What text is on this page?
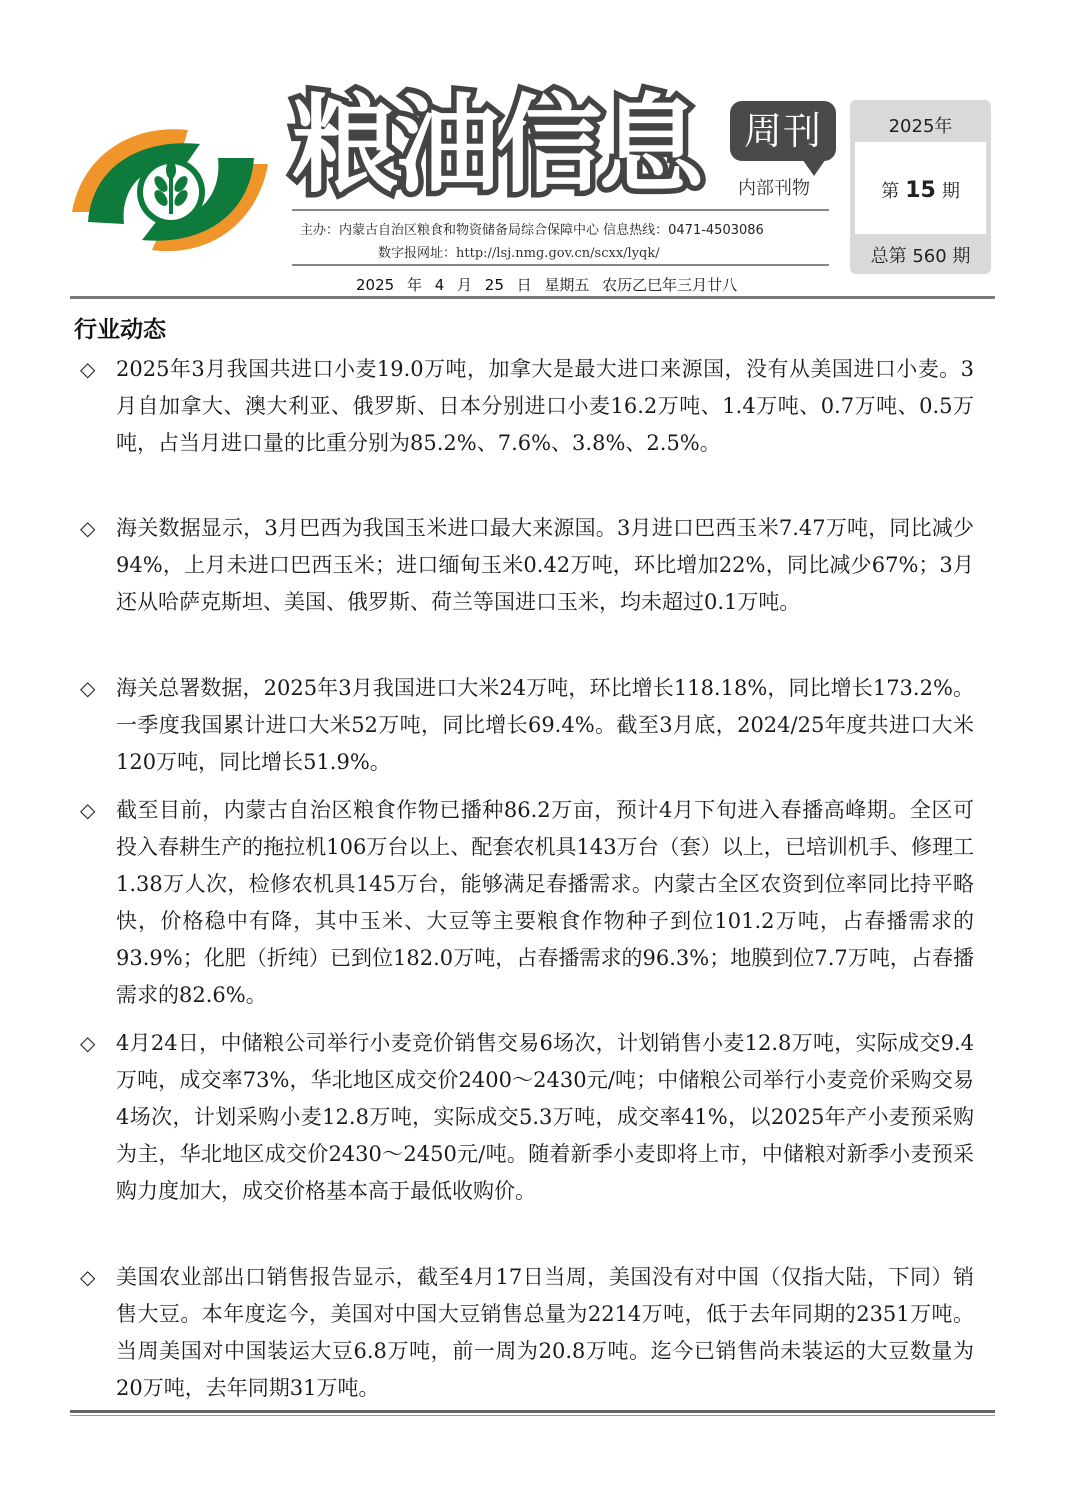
粮油信息	周刊
内部刊物
主办：内蒙古自治区粮食和物资储备局综合保障中心 信息热线：0471-4503086
数字报网址：http://lsj.nmg.gov.cn/scxx/lyqk/
2025年
第 15 期
总第 560 期
2025 年 4 月 25 日 星期五 农历乙巳年三月廿八
行业动态
◇ 2025年3月我国共进口小麦19.0万吨，加拿大是最大进口来源国，没有从美国进口小麦。3月自加拿大、澳大利亚、俄罗斯、日本分别进口小麦16.2万吨、1.4万吨、0.7万吨、0.5万吨，占当月进口量的比重分别为85.2%、7.6%、3.8%、2.5%。
◇ 海关数据显示，3月巴西为我国玉米进口最大来源国。3月进口巴西玉米7.47万吨，同比减少94%，上月未进口巴西玉米；进口缅甸玉米0.42万吨，环比增加22%，同比减少67%；3月还从哈萨克斯坦、美国、俄罗斯、荷兰等国进口玉米，均未超过0.1万吨。
◇ 海关总署数据，2025年3月我国进口大米24万吨，环比增长118.18%，同比增长173.2%。一季度我国累计进口大米52万吨，同比增长69.4%。截至3月底，2024/25年度共进口大米120万吨，同比增长51.9%。
◇ 截至目前，内蒙古自治区粮食作物已播种86.2万亩，预计4月下旬进入春播高峰期。全区可投入春耕生产的拖拉机106万台以上、配套农机具143万台（套）以上，已培训机手、修理工1.38万人次，检修农机具145万台，能够满足春播需求。内蒙古全区农资到位率同比持平略快，价格稳中有降，其中玉米、大豆等主要粮食作物种子到位101.2万吨，占春播需求的93.9%；化肥（折纯）已到位182.0万吨，占春播需求的96.3%；地膜到位7.7万吨，占春播需求的82.6%。
◇ 4月24日，中储粮公司举行小麦竞价销售交易6场次，计划销售小麦12.8万吨，实际成交9.4万吨，成交率73%，华北地区成交价2400～2430元/吨；中储粮公司举行小麦竞价采购交易4场次，计划采购小麦12.8万吨，实际成交5.3万吨，成交率41%，以2025年产小麦预采购为主，华北地区成交价2430～2450元/吨。随着新季小麦即将上市，中储粮对新季小麦预采购力度加大，成交价格基本高于最低收购价。
◇ 美国农业部出口销售报告显示，截至4月17日当周，美国没有对中国（仅指大陆，下同）销售大豆。本年度迄今，美国对中国大豆销售总量为2214万吨，低于去年同期的2351万吨。当周美国对中国装运大豆6.8万吨，前一周为20.8万吨。迄今已销售尚未装运的大豆数量为20万吨，去年同期31万吨。
